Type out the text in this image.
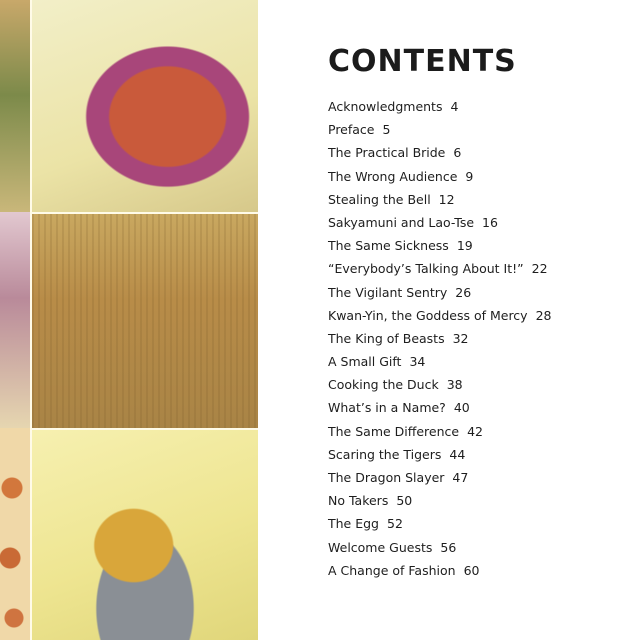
CONTENTS
Acknowledgments 4
Preface 5
The Practical Bride 6
The Wrong Audience 9
Stealing the Bell 12
Sakyamuni and Lao-Tse 16
The Same Sickness 19
“Everybody’s Talking About It!” 22
The Vigilant Sentry 26
Kwan-Yin, the Goddess of Mercy 28
The King of Beasts 32
A Small Gift 34
Cooking the Duck 38
What’s in a Name? 40
The Same Difference 42
Scaring the Tigers 44
The Dragon Slayer 47
No Takers 50
The Egg 52
Welcome Guests 56
A Change of Fashion 60
